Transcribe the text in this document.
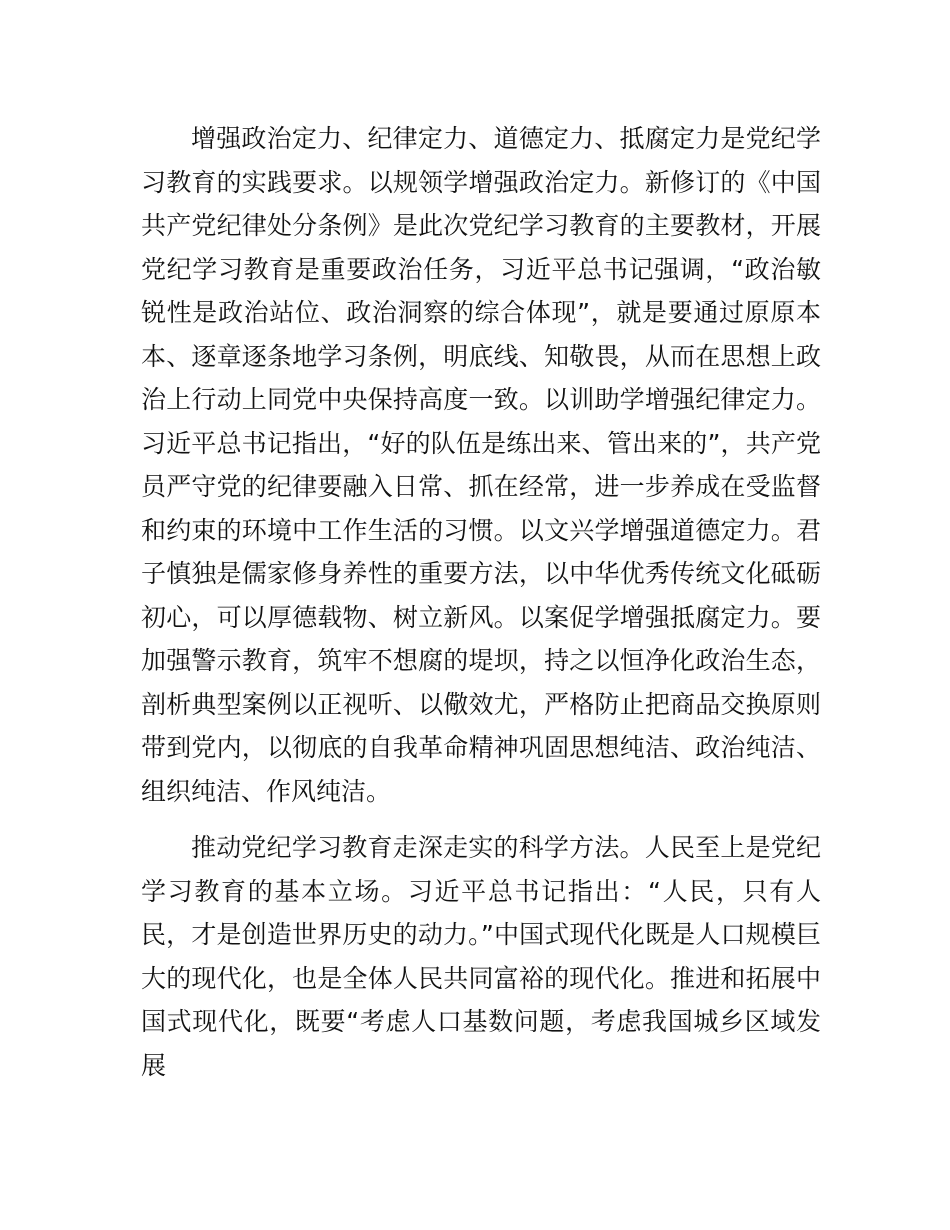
增强政治定力、纪律定力、道德定力、抵腐定力是党纪学习教育的实践要求。以规领学增强政治定力。新修订的《中国共产党纪律处分条例》是此次党纪学习教育的主要教材，开展党纪学习教育是重要政治任务，习近平总书记强调，“政治敏锐性是政治站位、政治洞察的综合体现”，就是要通过原原本本、逐章逐条地学习条例，明底线、知敬畏，从而在思想上政治上行动上同党中央保持高度一致。以训助学增强纪律定力。习近平总书记指出，“好的队伍是练出来、管出来的”，共产党员严守党的纪律要融入日常、抓在经常，进一步养成在受监督和约束的环境中工作生活的习惯。以文兴学增强道德定力。君子慎独是儒家修身养性的重要方法，以中华优秀传统文化砥砺初心，可以厚德载物、树立新风。以案促学增强抵腐定力。要加强警示教育，筑牢不想腐的堤坝，持之以恒净化政治生态，剖析典型案例以正视听、以儆效尤，严格防止把商品交换原则带到党内，以彻底的自我革命精神巩固思想纯洁、政治纯洁、组织纯洁、作风纯洁。

推动党纪学习教育走深走实的科学方法。人民至上是党纪学习教育的基本立场。习近平总书记指出：“人民，只有人民，才是创造世界历史的动力。”中国式现代化既是人口规模巨大的现代化，也是全体人民共同富裕的现代化。推进和拓展中国式现代化，既要“考虑人口基数问题，考虑我国城乡区域发展
